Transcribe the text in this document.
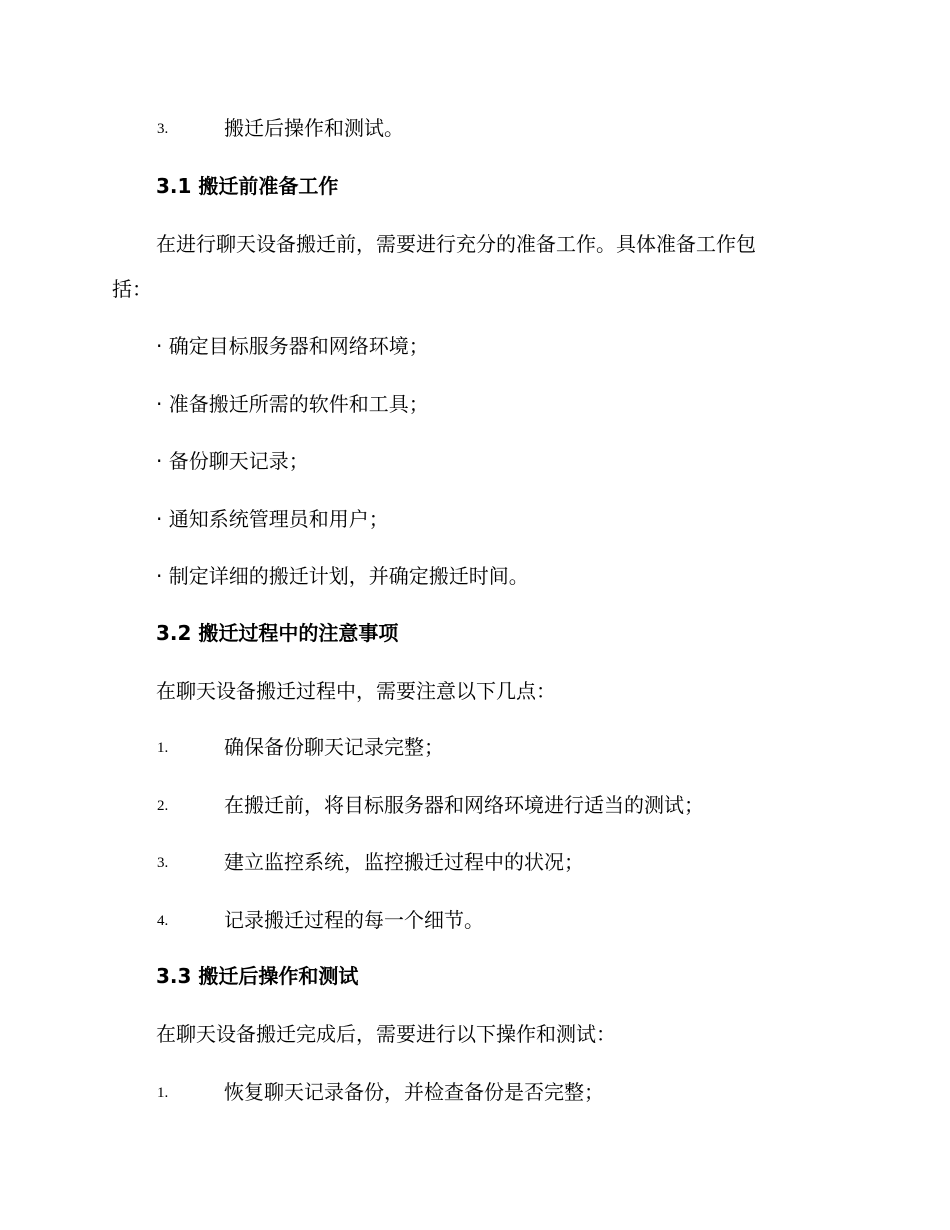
3.	搬迁后操作和测试。
3.1 搬迁前准备工作
在进行聊天设备搬迁前，需要进行充分的准备工作。具体准备工作包
括：
· 确定目标服务器和网络环境；
· 准备搬迁所需的软件和工具；
· 备份聊天记录；
· 通知系统管理员和用户；
· 制定详细的搬迁计划，并确定搬迁时间。
3.2 搬迁过程中的注意事项
在聊天设备搬迁过程中，需要注意以下几点：
1.	确保备份聊天记录完整；
2.	在搬迁前，将目标服务器和网络环境进行适当的测试；
3.	建立监控系统，监控搬迁过程中的状况；
4.	记录搬迁过程的每一个细节。
3.3 搬迁后操作和测试
在聊天设备搬迁完成后，需要进行以下操作和测试：
1.	恢复聊天记录备份，并检查备份是否完整；
